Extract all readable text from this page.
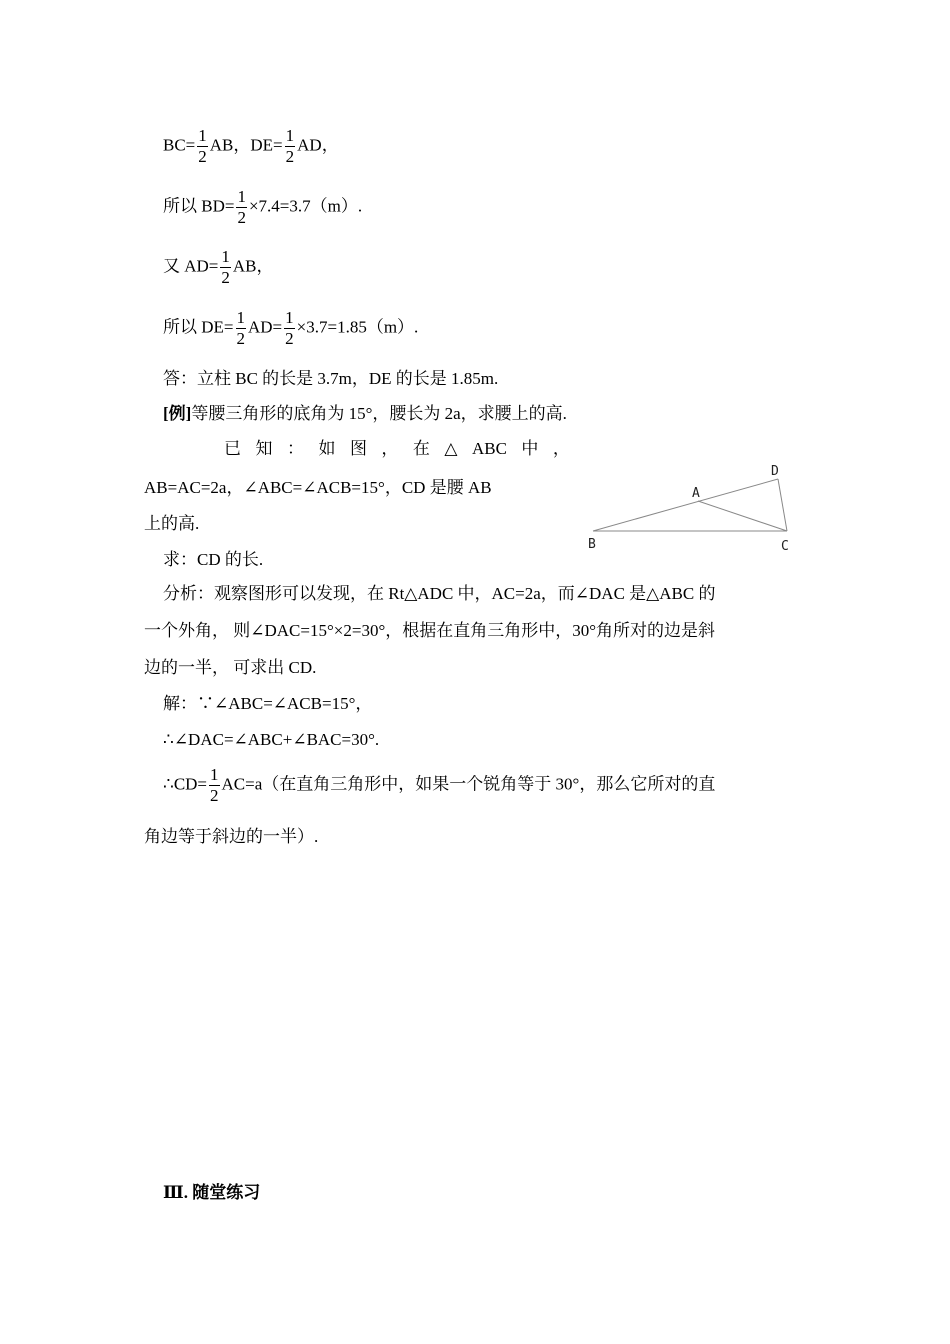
$BC= \frac{1}{2}$ AB，$DE= \frac{1}{2}$ AD，
所以 $BD= \frac{1}{2} \times 7.4=3.7(m)$.
又 $AD= \frac{1}{2}$ AB，
所以 $DE= \frac{1}{2} AD= \frac{1}{2} \times 3.7=1.85(m)$.
答：立柱 BC 的长是 3.7m，DE 的长是 1.85m.
[例]等腰三角形的底角为 15°，腰长为 2a，求腰上的高.
已 知 ： 如 图 ， 在 △ ABC 中 ，
AB=AC=2a，∠ABC=∠ACB=15°，CD 是腰 AB
上的高.
求：CD 的长.
A
B	C
D
分析：观察图形可以发现，在 Rt△ADC 中，AC=2a，而∠DAC 是△ABC 的
一个外角， 则∠DAC=15°×2=30°，根据在直角三角形中，30°角所对的边是斜
边的一半， 可求出 CD.
解：∵∠ABC=∠ACB=15°，
∴∠DAC=∠ABC+∠BAC=30°.
∴CD= $\frac{1}{2} AC=a$（在直角三角形中，如果一个锐角等于 30°，那么它所对的直
角边等于斜边的一半）.
Ⅲ. 随堂练习
